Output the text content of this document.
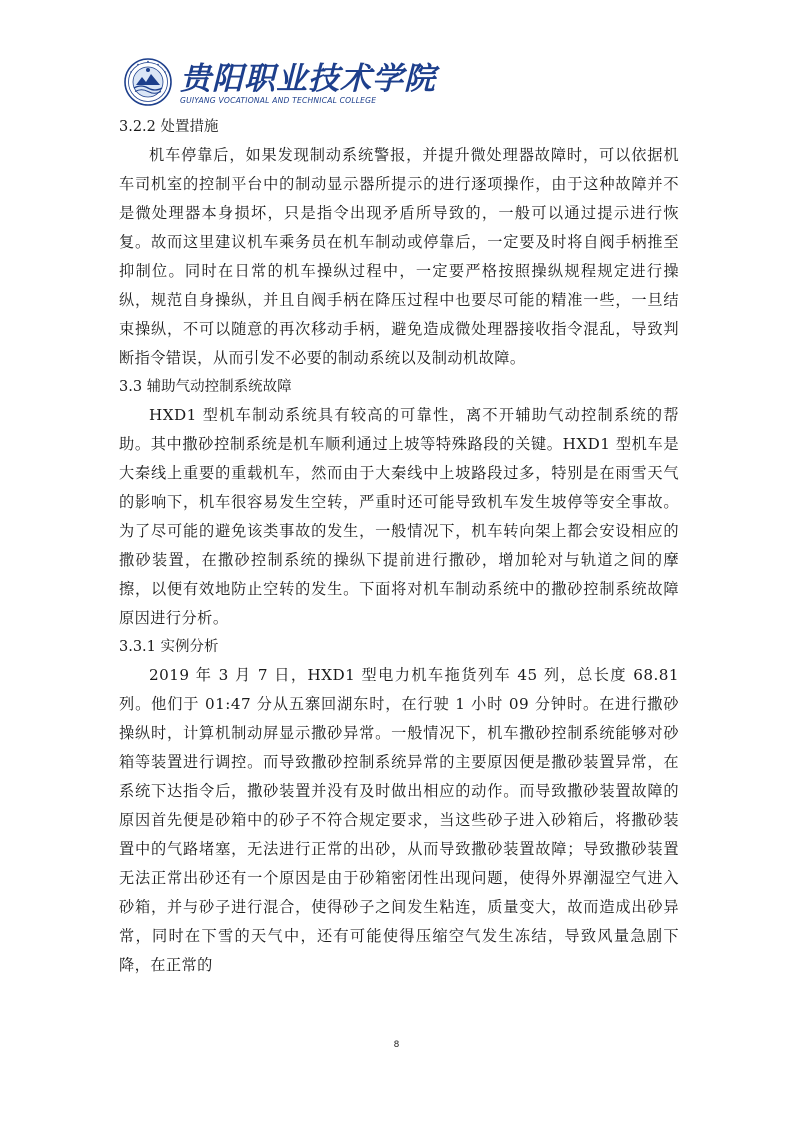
贵阳职业技术学院
GUIYANG VOCATIONAL AND TECHNICAL COLLEGE

3.2.2 处置措施

机车停靠后，如果发现制动系统警报，并提升微处理器故障时，可以依据机车司机室的控制平台中的制动显示器所提示的进行逐项操作，由于这种故障并不是微处理器本身损坏，只是指令出现矛盾所导致的，一般可以通过提示进行恢复。故而这里建议机车乘务员在机车制动或停靠后，一定要及时将自阀手柄推至抑制位。同时在日常的机车操纵过程中，一定要严格按照操纵规程规定进行操纵，规范自身操纵，并且自阀手柄在降压过程中也要尽可能的精准一些，一旦结束操纵，不可以随意的再次移动手柄，避免造成微处理器接收指令混乱，导致判断指令错误，从而引发不必要的制动系统以及制动机故障。

3.3 辅助气动控制系统故障

HXD1 型机车制动系统具有较高的可靠性，离不开辅助气动控制系统的帮助。其中撒砂控制系统是机车顺利通过上坡等特殊路段的关键。HXD1 型机车是大秦线上重要的重载机车，然而由于大秦线中上坡路段过多，特别是在雨雪天气的影响下，机车很容易发生空转，严重时还可能导致机车发生坡停等安全事故。为了尽可能的避免该类事故的发生，一般情况下，机车转向架上都会安设相应的撒砂装置，在撒砂控制系统的操纵下提前进行撒砂，增加轮对与轨道之间的摩擦，以便有效地防止空转的发生。下面将对机车制动系统中的撒砂控制系统故障原因进行分析。

3.3.1 实例分析

2019 年 3 月 7 日，HXD1 型电力机车拖货列车 45 列，总长度 68.81 列。他们于 01:47 分从五寨回湖东时，在行驶 1 小时 09 分钟时。在进行撒砂操纵时，计算机制动屏显示撒砂异常。一般情况下，机车撒砂控制系统能够对砂箱等装置进行调控。而导致撒砂控制系统异常的主要原因便是撒砂装置异常，在系统下达指令后，撒砂装置并没有及时做出相应的动作。而导致撒砂装置故障的原因首先便是砂箱中的砂子不符合规定要求，当这些砂子进入砂箱后，将撒砂装置中的气路堵塞，无法进行正常的出砂，从而导致撒砂装置故障；导致撒砂装置无法正常出砂还有一个原因是由于砂箱密闭性出现问题，使得外界潮湿空气进入砂箱，并与砂子进行混合，使得砂子之间发生粘连，质量变大，故而造成出砂异常，同时在下雪的天气中，还有可能使得压缩空气发生冻结，导致风量急剧下降，在正常的

8
